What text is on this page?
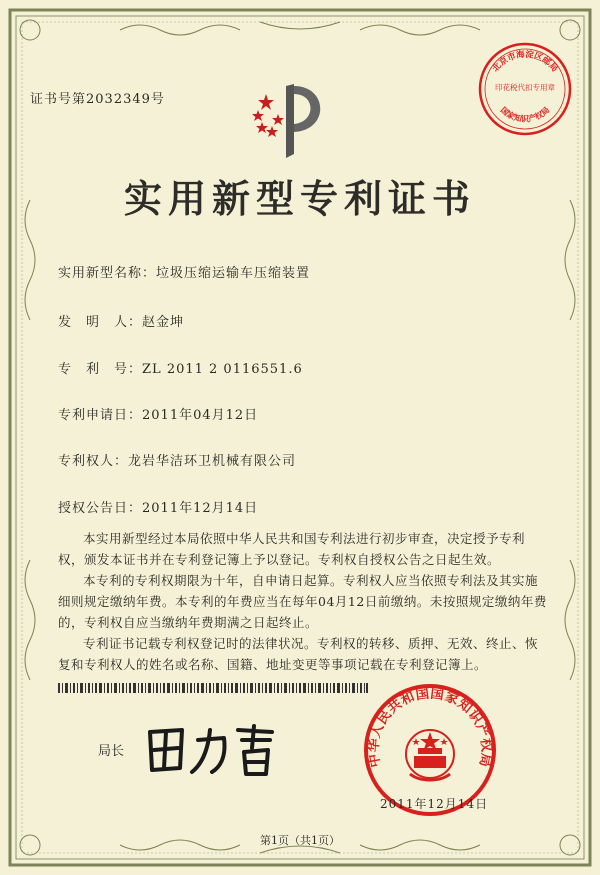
证书号第2032349号
北京市海淀区邮局
印花税代扣专用章
国家知识产权局
实用新型专利证书
实用新型名称：垃圾压缩运输车压缩装置
发　明　人：赵金坤
专　利　号：ZL 2011 2 0116551.6
专利申请日：2011年04月12日
专利权人：龙岩华洁环卫机械有限公司
授权公告日：2011年12月14日

本实用新型经过本局依照中华人民共和国专利法进行初步审查，决定授予专利权，颁发本证书并在专利登记簿上予以登记。专利权自授权公告之日起生效。

本专利的专利权期限为十年，自申请日起算。专利权人应当依照专利法及其实施细则规定缴纳年费。本专利的年费应当在每年04月12日前缴纳。未按照规定缴纳年费的，专利权自应当缴纳年费期满之日起终止。

专利证书记载专利权登记时的法律状况。专利权的转移、质押、无效、终止、恢复和专利权人的姓名或名称、国籍、地址变更等事项记载在专利登记簿上。

局长
中华人民共和国国家知识产权局
2011年12月14日
第1页（共1页）
